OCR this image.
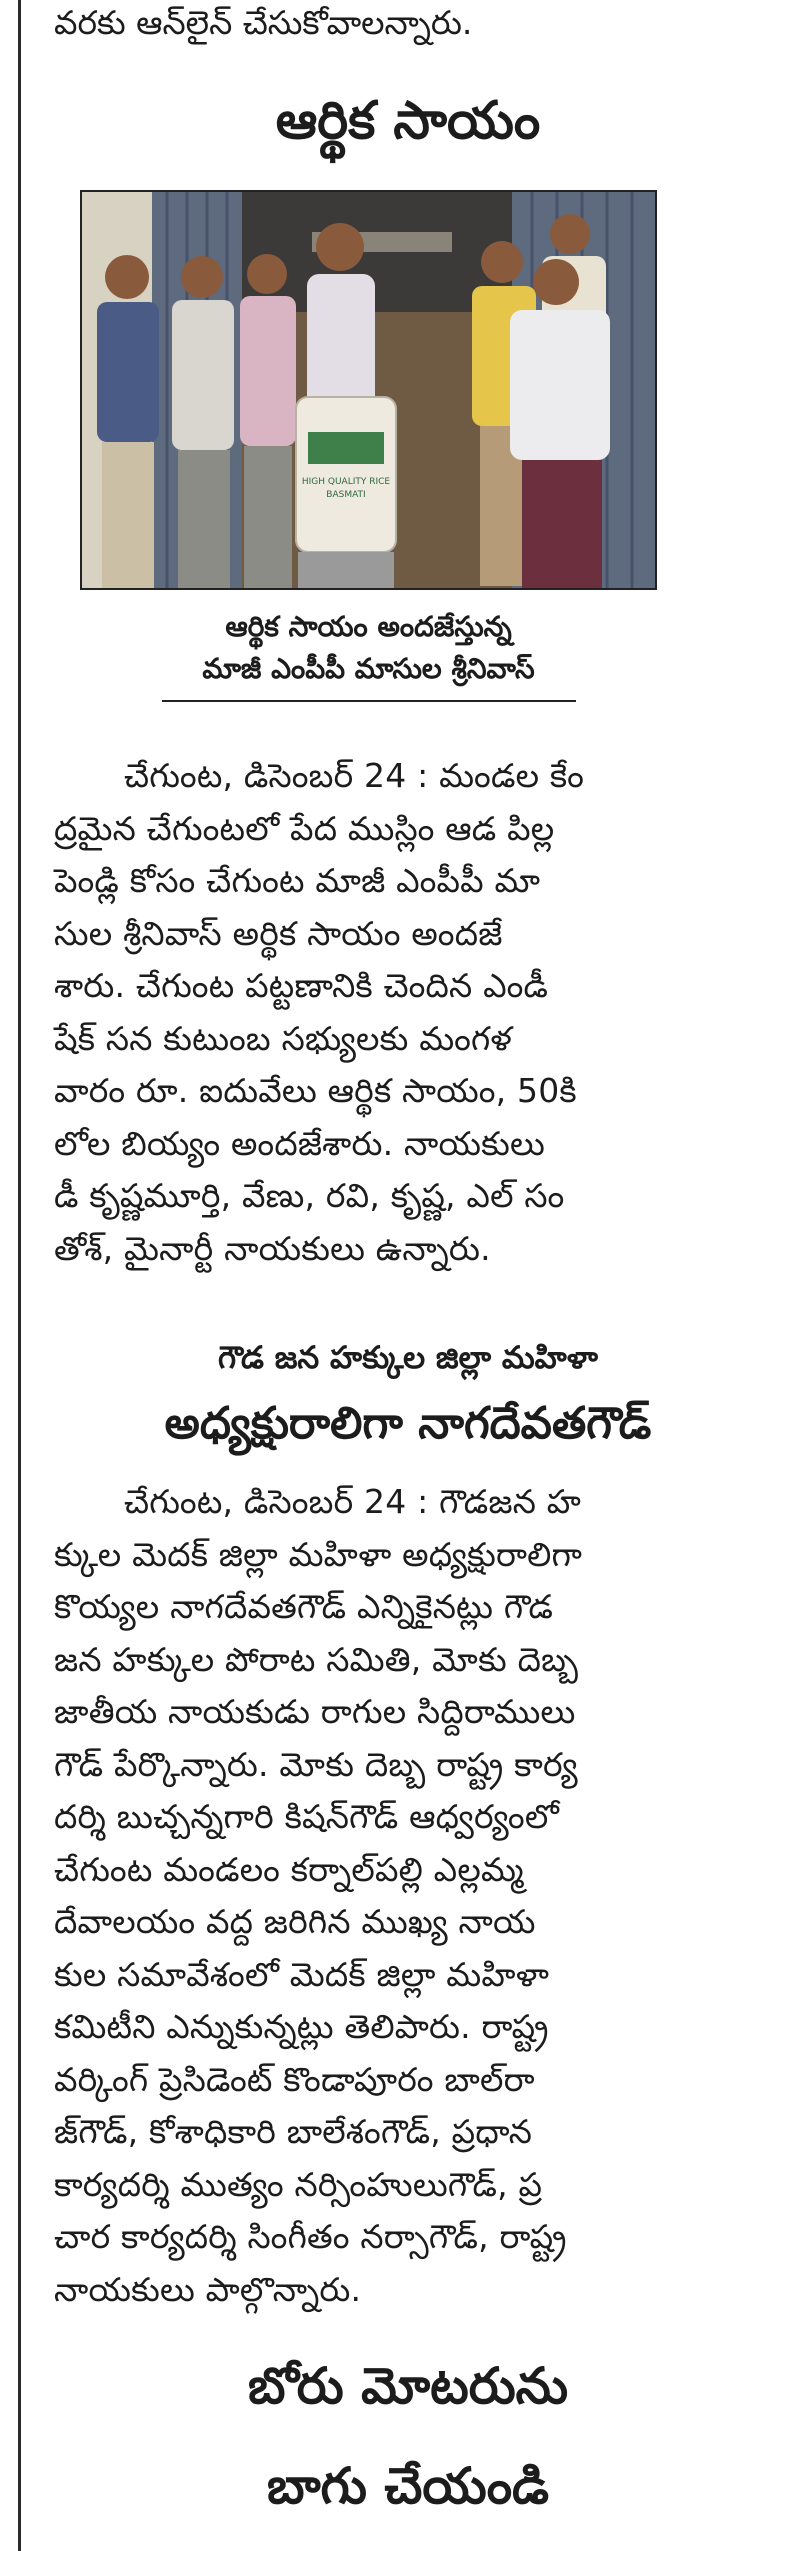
వరకు ఆన్‌లైన్ చేసుకోవాలన్నారు.
ఆర్థిక సాయం
HIGH QUALITY RICE
BASMATI
ఆర్థిక సాయం అందజేస్తున్న
మాజీ ఎంపీపీ మాసుల శ్రీనివాస్

చేగుంట, డిసెంబర్ 24 : మండల కేం
ద్రమైన చేగుంటలో పేద ముస్లిం ఆడ పిల్ల
పెండ్లి కోసం చేగుంట మాజీ ఎంపీపీ మా
సుల శ్రీనివాస్ అర్థిక సాయం అందజే
శారు. చేగుంట పట్టణానికి చెందిన ఎండీ
షేక్ సన కుటుంబ సభ్యులకు మంగళ
వారం రూ. ఐదువేలు ఆర్థిక సాయం, 50కి
లోల బియ్యం అందజేశారు. నాయకులు
డీ కృష్ణమూర్తి, వేణు, రవి, కృష్ణ, ఎల్ సం
తోశ్, మైనార్టీ నాయకులు ఉన్నారు.

గౌడ జన హక్కుల జిల్లా మహిళా
అధ్యక్షురాలిగా నాగదేవతగౌడ్

చేగుంట, డిసెంబర్ 24 : గౌడజన హ
క్కుల మెదక్ జిల్లా మహిళా అధ్యక్షురాలిగా
కొయ్యల నాగదేవతగౌడ్ ఎన్నికైనట్లు గౌడ
జన హక్కుల పోరాట సమితి, మోకు దెబ్బ
జాతీయ నాయకుడు రాగుల సిద్దిరాములు
గౌడ్ పేర్కొన్నారు. మోకు దెబ్బ రాష్ట్ర కార్య
దర్శి బుచ్చన్నగారి కిషన్‌గౌడ్ ఆధ్వర్యంలో
చేగుంట మండలం కర్నాల్‌పల్లి ఎల్లమ్మ
దేవాలయం వద్ద జరిగిన ముఖ్య నాయ
కుల సమావేశంలో మెదక్ జిల్లా మహిళా
కమిటీని ఎన్నుకున్నట్లు తెలిపారు. రాష్ట్ర
వర్కింగ్ ప్రెసిడెంట్ కొండాపూరం బాల్‌రా
జ్‌గౌడ్, కోశాధికారి బాలేశంగౌడ్, ప్రధాన
కార్యదర్శి ముత్యం నర్సింహులుగౌడ్, ప్ర
చార కార్యదర్శి సింగీతం నర్సాగౌడ్, రాష్ట్ర
నాయకులు పాల్గొన్నారు.

బోరు మోటరును
బాగు చేయండి
